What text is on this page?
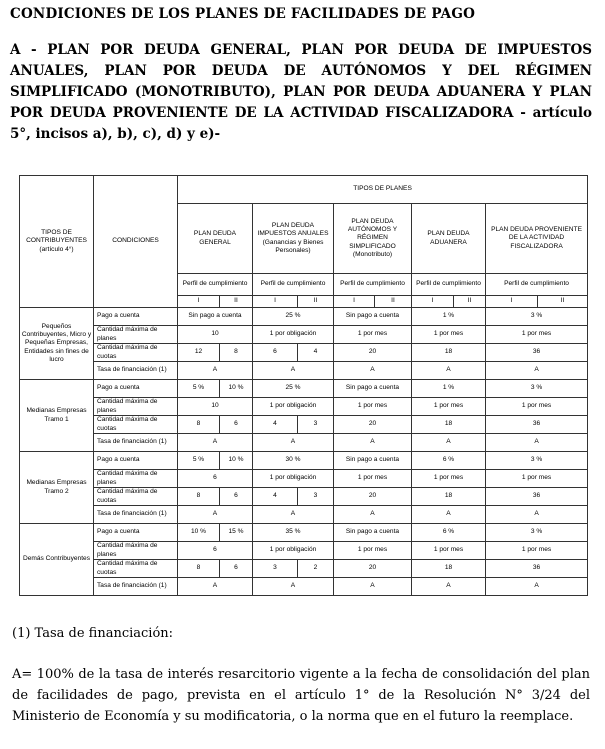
CONDICIONES DE LOS PLANES DE FACILIDADES DE PAGO
A - PLAN POR DEUDA GENERAL, PLAN POR DEUDA DE IMPUESTOS ANUALES, PLAN POR DEUDA DE AUTÓNOMOS Y DEL RÉGIMEN SIMPLIFICADO (MONOTRIBUTO), PLAN POR DEUDA ADUANERA Y PLAN POR DEUDA PROVENIENTE DE LA ACTIVIDAD FISCALIZADORA - artículo 5°, incisos a), b), c), d) y e)-
TIPOS DE CONTRIBUYENTES (artículo 4°)	CONDICIONES	TIPOS DE PLANES									
		PLAN DEUDA GENERAL		PLAN DEUDA IMPUESTOS ANUALES (Ganancias y Bienes Personales)		PLAN DEUDA AUTÓNOMOS Y RÉGIMEN SIMPLIFICADO (Monotributo)		PLAN DEUDA ADUANERA		PLAN DEUDA PROVENIENTE DE LA ACTIVIDAD FISCALIZADORA	
		Perfil de cumplimiento		Perfil de cumplimiento		Perfil de cumplimiento		Perfil de cumplimiento		Perfil de cumplimiento	
		I	II	I	II	I	II	I	II	I	II
Pequeños Contribuyentes, Micro y Pequeñas Empresas, Entidades sin fines de lucro	Pago a cuenta	Sin pago a cuenta		25 %		Sin pago a cuenta		1 %		3 %	
	Cantidad máxima de planes	10		1 por obligación		1 por mes		1 por mes		1 por mes	
	Cantidad máxima de cuotas	12	8	6	4	20		18		36	
	Tasa de financiación (1)	A		A		A		A		A	
Medianas Empresas Tramo 1	Pago a cuenta	5 %	10 %	25 %		Sin pago a cuenta		1 %		3 %	
	Cantidad máxima de planes	10		1 por obligación		1 por mes		1 por mes		1 por mes	
	Cantidad máxima de cuotas	8	6	4	3	20		18		36	
	Tasa de financiación (1)	A		A		A		A		A	
Medianas Empresas Tramo 2	Pago a cuenta	5 %	10 %	30 %		Sin pago a cuenta		6 %		3 %	
	Cantidad máxima de planes	6		1 por obligación		1 por mes		1 por mes		1 por mes	
	Cantidad máxima de cuotas	8	6	4	3	20		18		36	
	Tasa de financiación (1)	A		A		A		A		A	
Demás Contribuyentes	Pago a cuenta	10 %	15 %	35 %		Sin pago a cuenta		6 %		3 %	
	Cantidad máxima de planes	6		1 por obligación		1 por mes		1 por mes		1 por mes	
	Cantidad máxima de cuotas	8	6	3	2	20		18		36	
	Tasa de financiación (1)	A		A		A		A		A	
(1) Tasa de financiación:
A= 100% de la tasa de interés resarcitorio vigente a la fecha de consolidación del plan de facilidades de pago, prevista en el artículo 1° de la Resolución N° 3/24 del Ministerio de Economía y su modificatoria, o la norma que en el futuro la reemplace.
